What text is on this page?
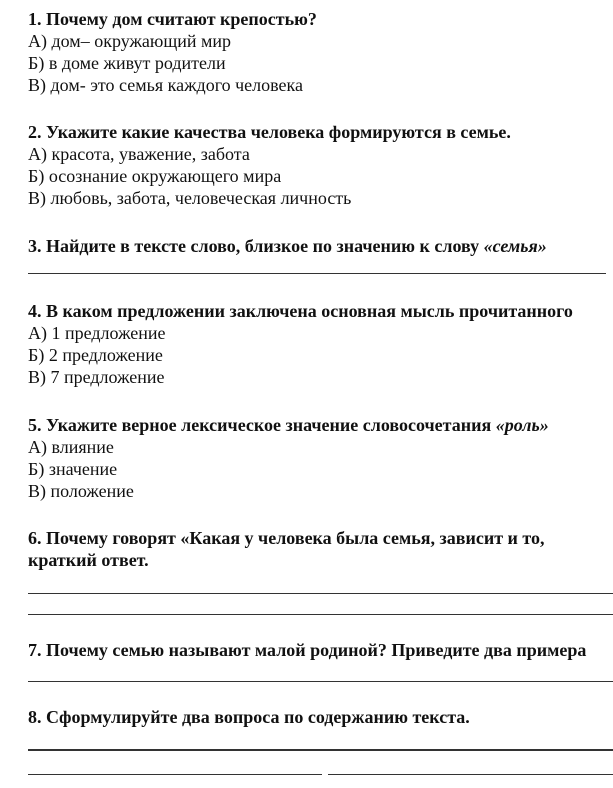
1. Почему дом считают крепостью?
А) дом– окружающий мир
Б) в доме живут родители
В) дом- это семья каждого человека
2. Укажите какие качества человека формируются в семье.
А) красота, уважение, забота
Б) осознание окружающего мира
В) любовь, забота, человеческая личность
3. Найдите в тексте слово, близкое по значению к слову «семья»
4. В каком предложении заключена основная мысль прочитанного
А) 1 предложение
Б) 2 предложение
В) 7 предложение
5. Укажите верное лексическое значение словосочетания «роль»
А) влияние
Б) значение
В) положение
6. Почему говорят «Какая у человека была семья, зависит и то,
краткий ответ.
7. Почему семью называют малой родиной? Приведите два примера
8. Сформулируйте два вопроса по содержанию текста.
